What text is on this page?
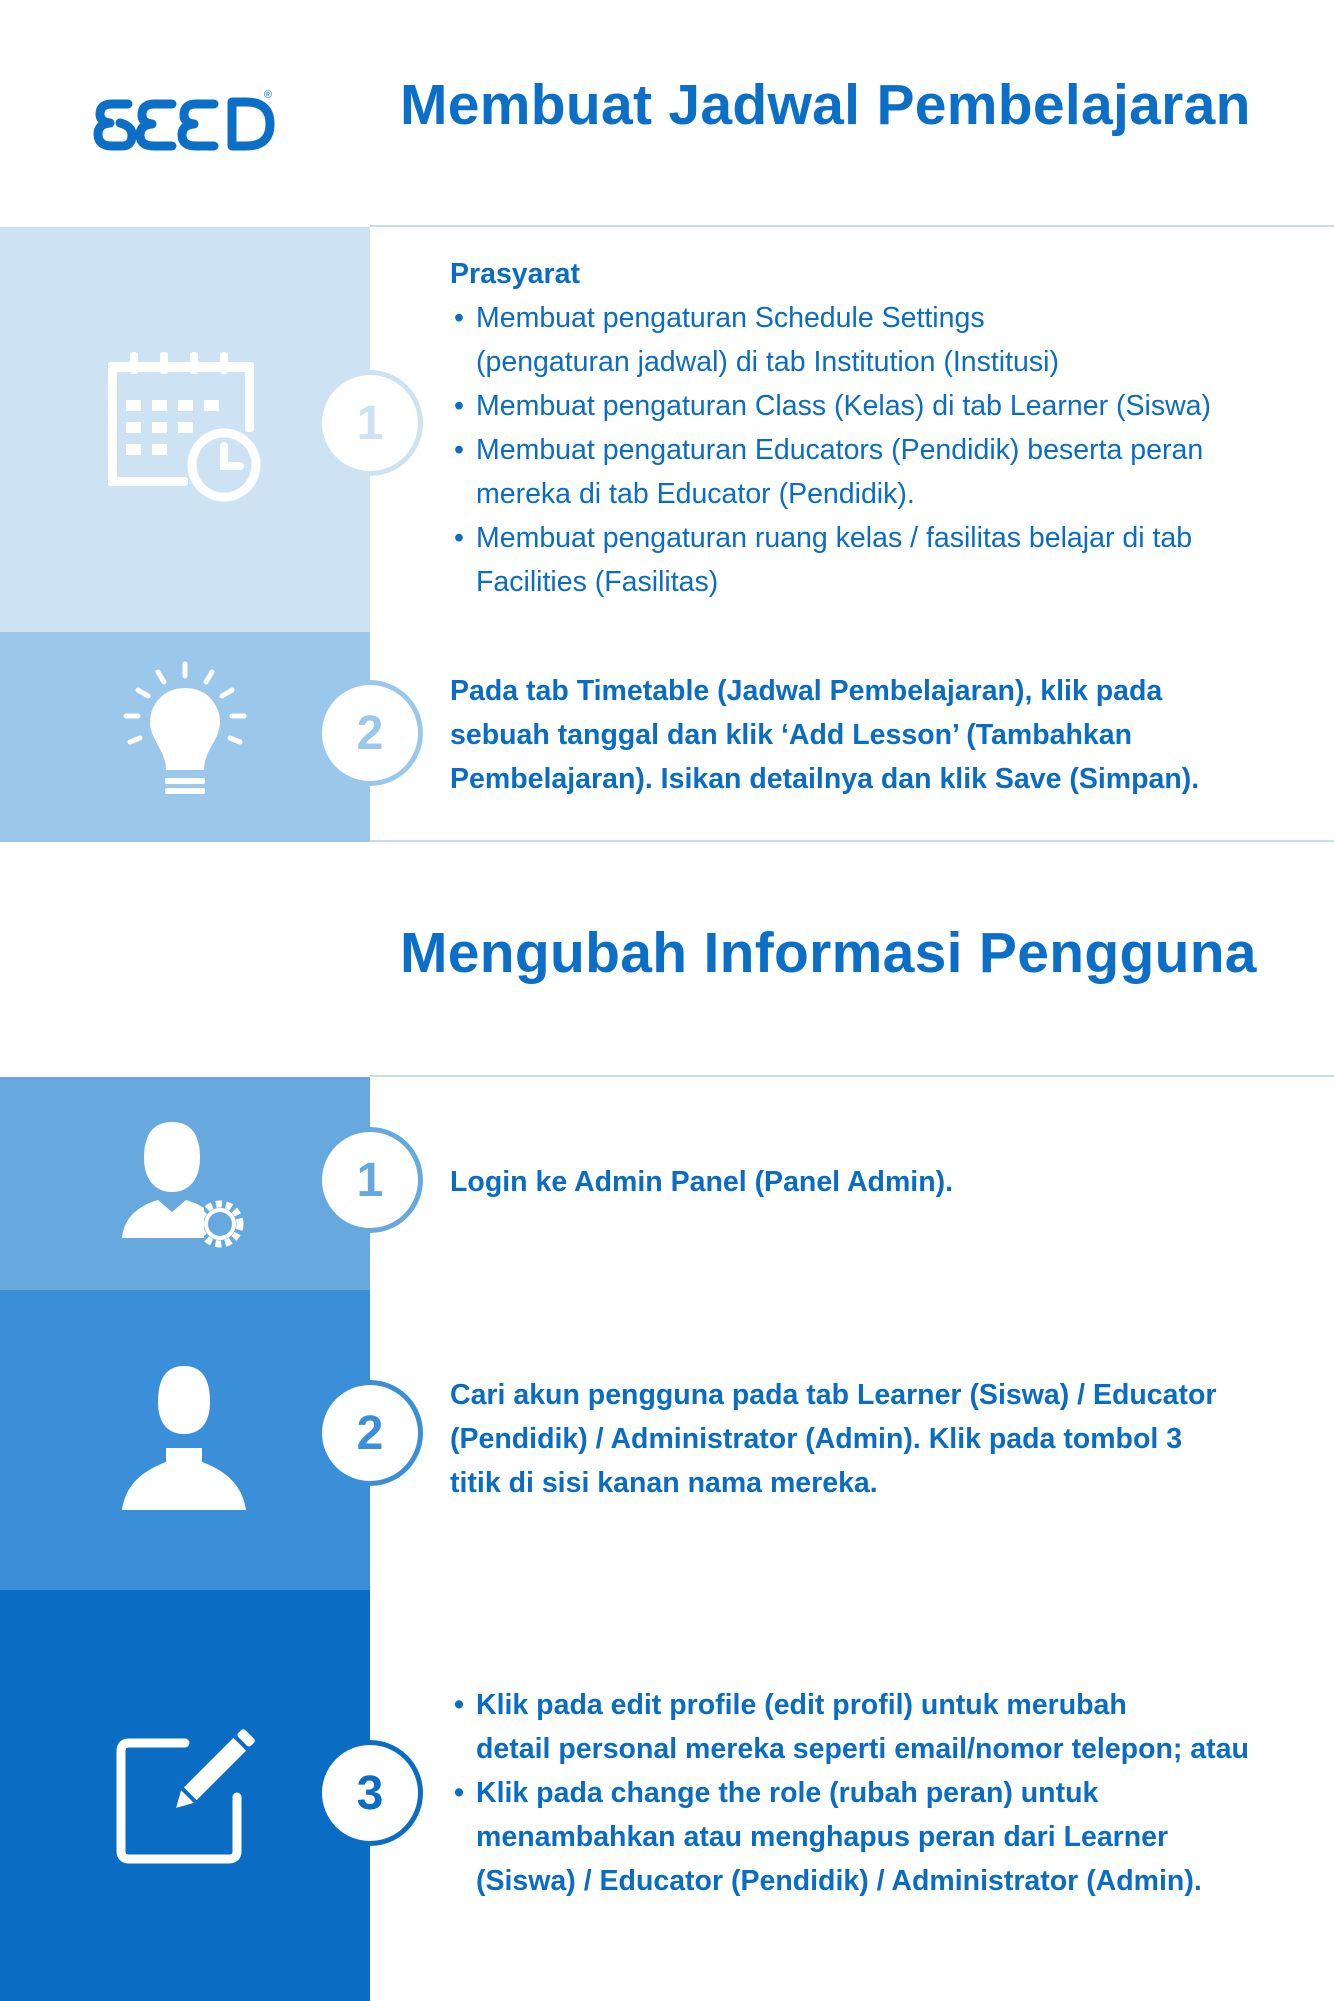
® Membuat Jadwal Pembelajaran
1

Prasyarat

• Membuat pengaturan Schedule Settings
(pengaturan jadwal) di tab Institution (Institusi)
• Membuat pengaturan Class (Kelas) di tab Learner (Siswa)
• Membuat pengaturan Educators (Pendidik) beserta peran
mereka di tab Educator (Pendidik).
• Membuat pengaturan ruang kelas / fasilitas belajar di tab
Facilities (Fasilitas)
2

Pada tab Timetable (Jadwal Pembelajaran), klik pada

sebuah tanggal dan klik ‘Add Lesson’ (Tambahkan

Pembelajaran). Isikan detailnya dan klik Save (Simpan).

Mengubah Informasi Pengguna
1	Login ke Admin Panel (Panel Admin).

2

Cari akun pengguna pada tab Learner (Siswa) / Educator

(Pendidik) / Administrator (Admin). Klik pada tombol 3

titik di sisi kanan nama mereka.

3
• Klik pada edit profile (edit profil) untuk merubah
detail personal mereka seperti email/nomor telepon; atau
• Klik pada change the role (rubah peran) untuk
menambahkan atau menghapus peran dari Learner
(Siswa) / Educator (Pendidik) / Administrator (Admin).
